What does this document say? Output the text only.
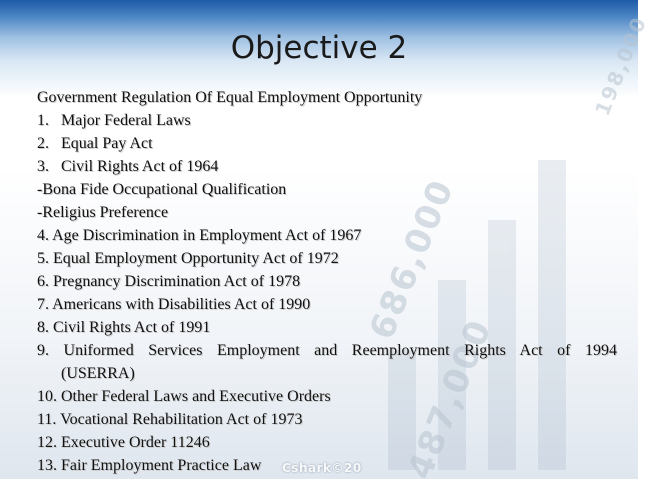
686,000
487,000
198,000
Objective 2
Government Regulation Of Equal Employment Opportunity
1. Major Federal Laws
2. Equal Pay Act
3. Civil Rights Act of 1964
-Bona Fide Occupational Qualification
-Religius Preference
4. Age Discrimination in Employment Act of 1967
5. Equal Employment Opportunity Act of 1972
6. Pregnancy Discrimination Act of 1978
7. Americans with Disabilities Act of 1990
8. Civil Rights Act of 1991
9. Uniformed Services Employment and Reemployment Rights Act of 1994
(USERRA)
10. Other Federal Laws and Executive Orders
11. Vocational Rehabilitation Act of 1973
12. Executive Order 11246
13. Fair Employment Practice Law	Cshark©20
